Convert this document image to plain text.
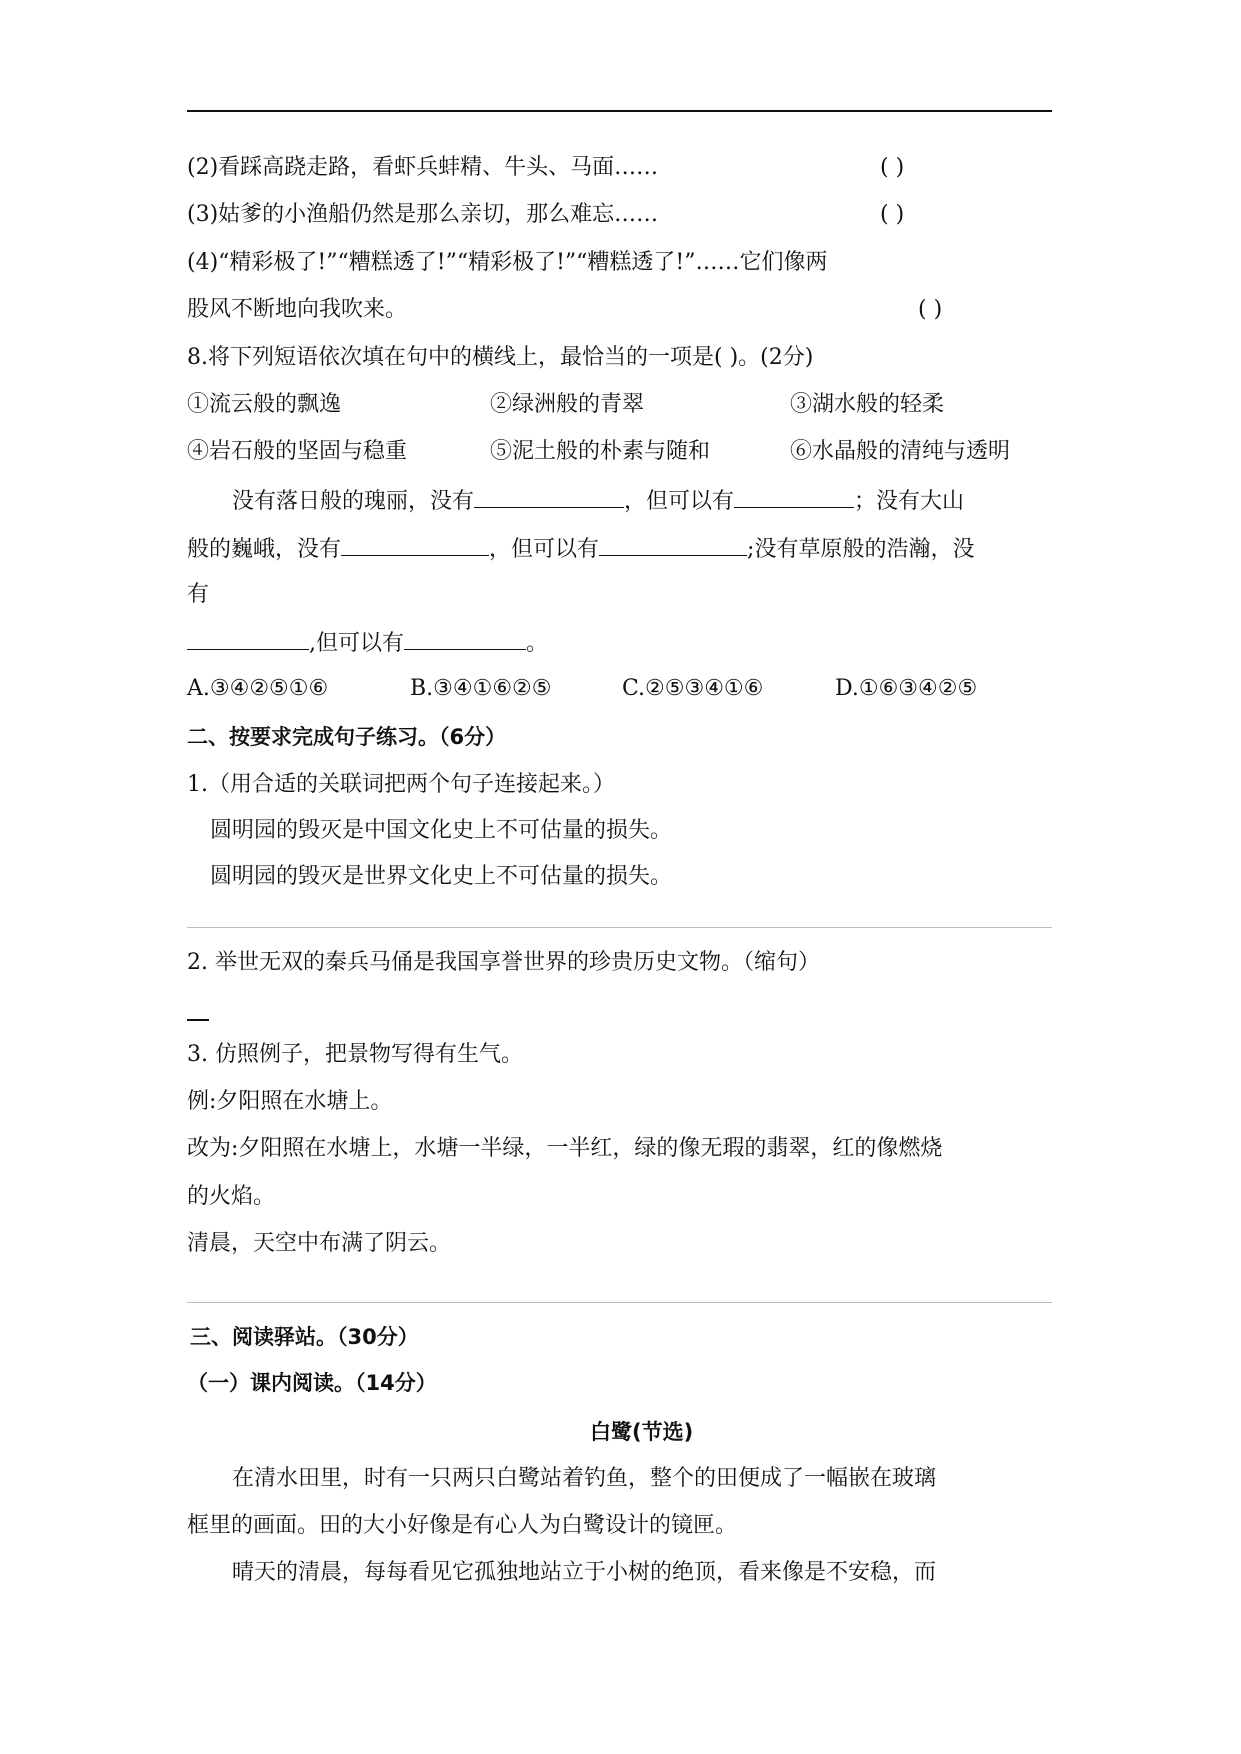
(2)看踩高跷走路，看虾兵蚌精、牛头、马面……	( )
(3)姑爹的小渔船仍然是那么亲切，那么难忘……	( )
(4)“精彩极了!”“糟糕透了!”“精彩极了!”“糟糕透了!”……它们像两
股风不断地向我吹来。	( )
8.将下列短语依次填在句中的横线上，最恰当的一项是( )。(2分)
①流云般的飘逸	②绿洲般的青翠	③湖水般的轻柔
④岩石般的坚固与稳重	⑤泥土般的朴素与随和	⑥水晶般的清纯与透明
没有落日般的瑰丽，没有	，但可以有	；没有大山
般的巍峨，没有	，但可以有	;没有草原般的浩瀚，没
有
,但可以有	。
A.③④②⑤①⑥	B.③④①⑥②⑤	C.②⑤③④①⑥	D.①⑥③④②⑤
二、按要求完成句子练习。（6分）
1.（用合适的关联词把两个句子连接起来。）
圆明园的毁灭是中国文化史上不可估量的损失。
圆明园的毁灭是世界文化史上不可估量的损失。
2. 举世无双的秦兵马俑是我国享誉世界的珍贵历史文物。（缩句）
3. 仿照例子，把景物写得有生气。
例:夕阳照在水塘上。
改为:夕阳照在水塘上，水塘一半绿，一半红，绿的像无瑕的翡翠，红的像燃烧
的火焰。
清晨，天空中布满了阴云。
三、阅读驿站。（30分）
（一）课内阅读。（14分）
白鹭(节选)
在清水田里，时有一只两只白鹭站着钓鱼，整个的田便成了一幅嵌在玻璃
框里的画面。田的大小好像是有心人为白鹭设计的镜匣。
晴天的清晨，每每看见它孤独地站立于小树的绝顶，看来像是不安稳，而
